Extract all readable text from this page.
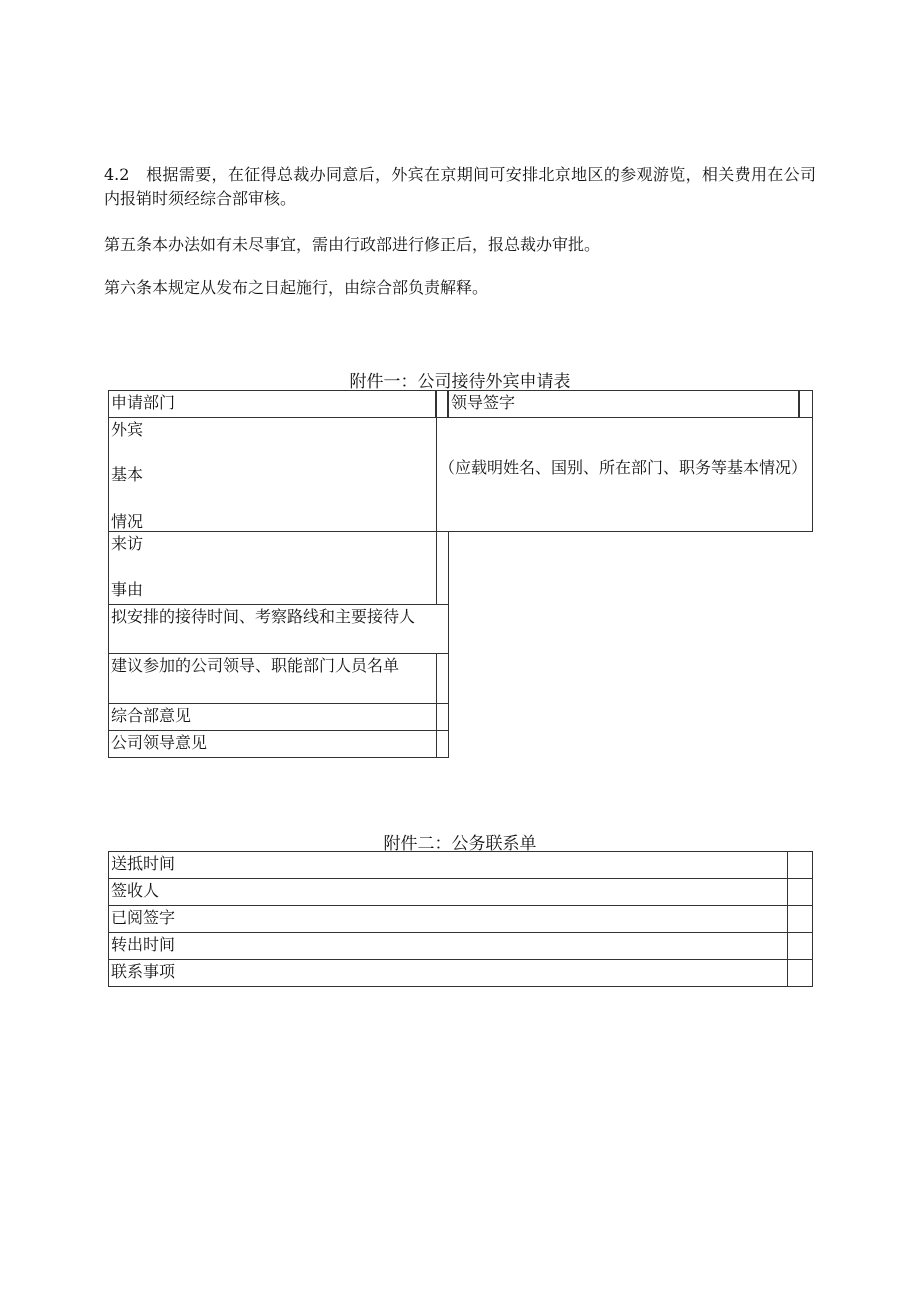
4.2　根据需要，在征得总裁办同意后，外宾在京期间可安排北京地区的参观游览，相关费用在公司内报销时须经综合部审核。

第五条本办法如有未尽事宜，需由行政部进行修正后，报总裁办审批。

第六条本规定从发布之日起施行，由综合部负责解释。

附件一：公司接待外宾申请表
申请部门	领导签字
外宾
基本
情况
（应载明姓名、国别、所在部门、职务等基本情况）
来访
事由
拟安排的接待时间、考察路线和主要接待人
建议参加的公司领导、职能部门人员名单
综合部意见
公司领导意见
附件二：公务联系单
送抵时间
签收人
已阅签字
转出时间
联系事项
